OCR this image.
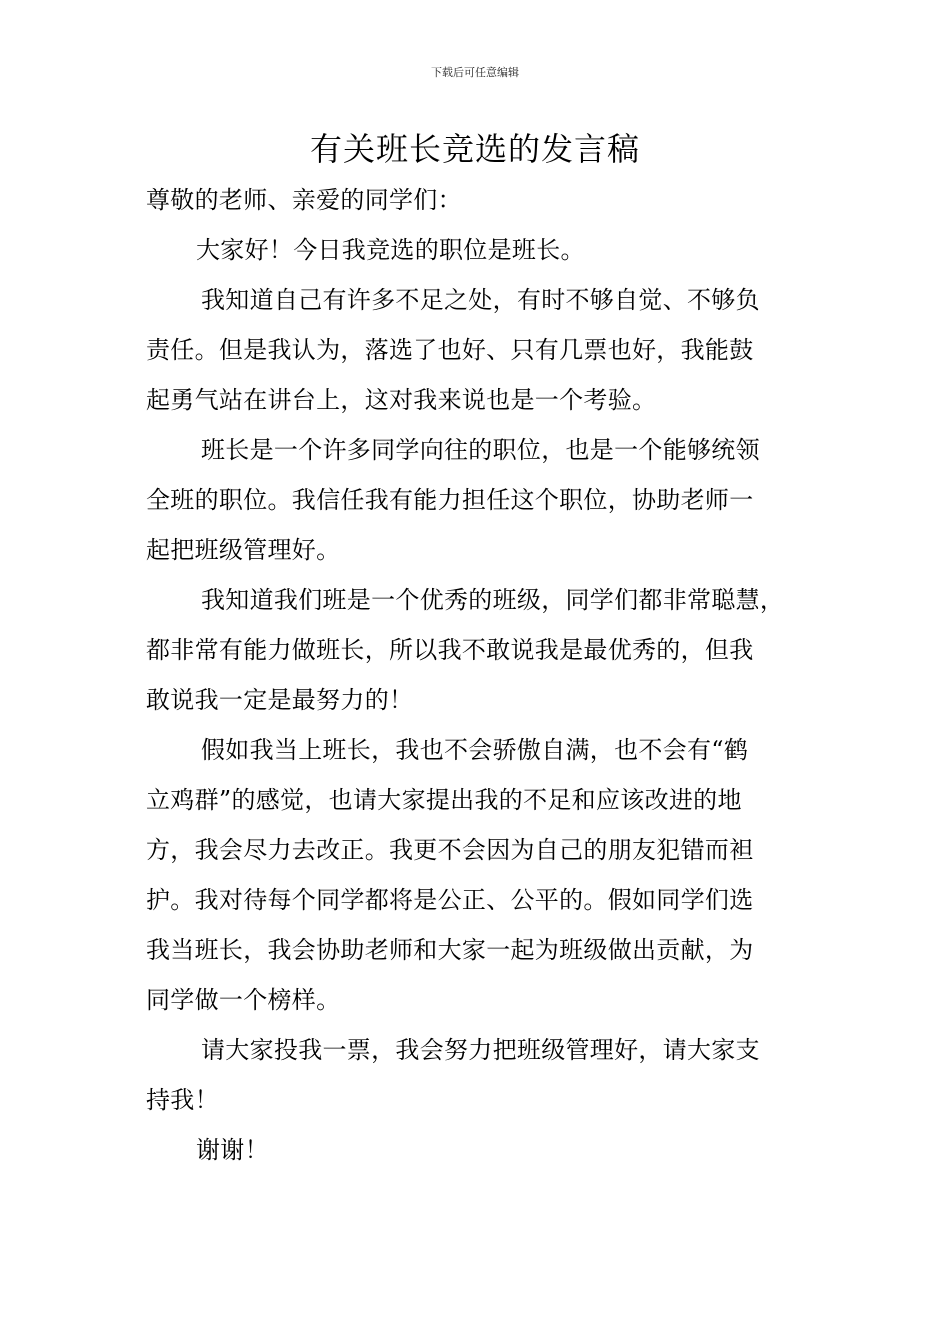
下载后可任意编辑
有关班长竞选的发言稿
尊敬的老师、亲爱的同学们：
大家好！今日我竞选的职位是班长。
我知道自己有许多不足之处，有时不够自觉、不够负
责任。但是我认为，落选了也好、只有几票也好，我能鼓
起勇气站在讲台上，这对我来说也是一个考验。
班长是一个许多同学向往的职位，也是一个能够统领
全班的职位。我信任我有能力担任这个职位，协助老师一
起把班级管理好。
我知道我们班是一个优秀的班级，同学们都非常聪慧，
都非常有能力做班长，所以我不敢说我是最优秀的，但我
敢说我一定是最努力的！
假如我当上班长，我也不会骄傲自满，也不会有“鹤
立鸡群”的感觉，也请大家提出我的不足和应该改进的地
方，我会尽力去改正。我更不会因为自己的朋友犯错而袒
护。我对待每个同学都将是公正、公平的。假如同学们选
我当班长，我会协助老师和大家一起为班级做出贡献，为
同学做一个榜样。
请大家投我一票，我会努力把班级管理好，请大家支
持我！
谢谢！
